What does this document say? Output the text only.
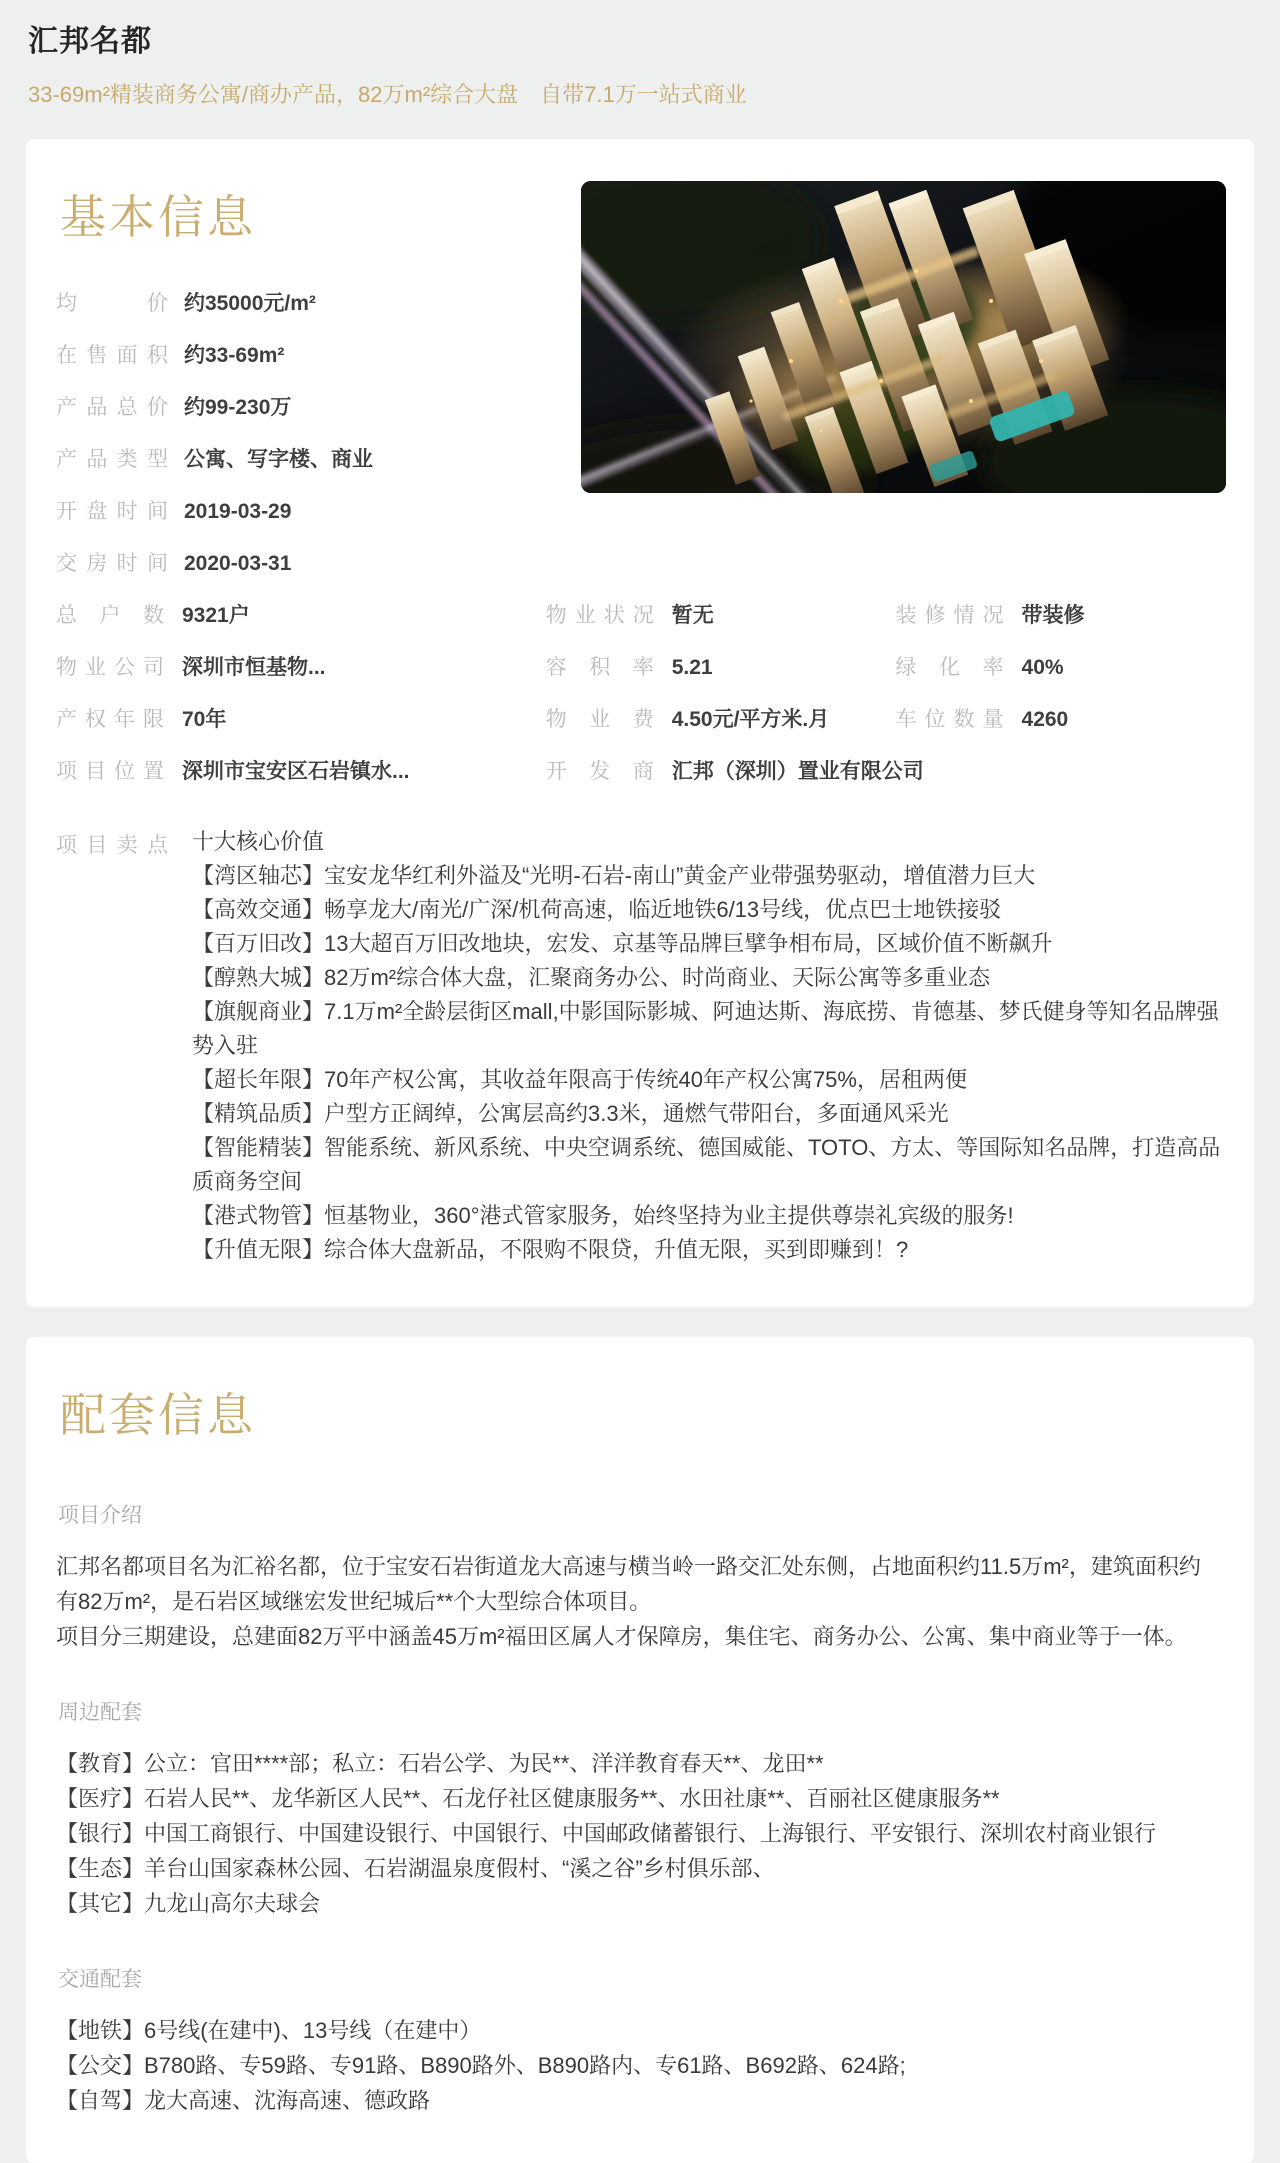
汇邦名都
33-69m²精装商务公寓/商办产品，82万m²综合大盘　自带7.1万一站式商业
基本信息
均价 约35000元/m²
在售面积 约33-69m²
产品总价 约99-230万
产品类型 公寓、写字楼、商业
开盘时间 2019-03-29
交房时间 2020-03-31
总户数 9321户	物业状况 暂无	装修情况 带装修
物业公司 深圳市恒基物...	容积率 5.21	绿化率 40%
产权年限 70年	物业费 4.50元/平方米.月	车位数量 4260
项目位置 深圳市宝安区石岩镇水...	开发商 汇邦（深圳）置业有限公司
项目卖点 十大核心价值
【湾区轴芯】宝安龙华红利外溢及“光明-石岩-南山”黄金产业带强势驱动，增值潜力巨大
【高效交通】畅享龙大/南光/广深/机荷高速，临近地铁6/13号线，优点巴士地铁接驳
【百万旧改】13大超百万旧改地块，宏发、京基等品牌巨擘争相布局，区域价值不断飙升
【醇熟大城】82万m²综合体大盘，汇聚商务办公、时尚商业、天际公寓等多重业态
【旗舰商业】7.1万m²全龄层街区mall,中影国际影城、阿迪达斯、海底捞、肯德基、梦氏健身等知名品牌强势入驻
【超长年限】70年产权公寓，其收益年限高于传统40年产权公寓75%，居租两便
【精筑品质】户型方正阔绰，公寓层高约3.3米，通燃气带阳台，多面通风采光
【智能精装】智能系统、新风系统、中央空调系统、德国威能、TOTO、方太、等国际知名品牌，打造高品质商务空间
【港式物管】恒基物业，360°港式管家服务，始终坚持为业主提供尊崇礼宾级的服务!
【升值无限】综合体大盘新品，不限购不限贷，升值无限，买到即赚到！?
配套信息
项目介绍
汇邦名都项目名为汇裕名都，位于宝安石岩街道龙大高速与横当岭一路交汇处东侧，占地面积约11.5万m²，建筑面积约有82万m²，是石岩区域继宏发世纪城后**个大型综合体项目。
项目分三期建设，总建面82万平中涵盖45万m²福田区属人才保障房，集住宅、商务办公、公寓、集中商业等于一体。
周边配套
【教育】公立：官田****部；私立：石岩公学、为民**、洋洋教育春天**、龙田**
【医疗】石岩人民**、龙华新区人民**、石龙仔社区健康服务**、水田社康**、百丽社区健康服务**
【银行】中国工商银行、中国建设银行、中国银行、中国邮政储蓄银行、上海银行、平安银行、深圳农村商业银行
【生态】羊台山国家森林公园、石岩湖温泉度假村、“溪之谷”乡村俱乐部、
【其它】九龙山高尔夫球会
交通配套
【地铁】6号线(在建中)、13号线（在建中）
【公交】B780路、专59路、专91路、B890路外、B890路内、专61路、B692路、624路;
【自驾】龙大高速、沈海高速、德政路
